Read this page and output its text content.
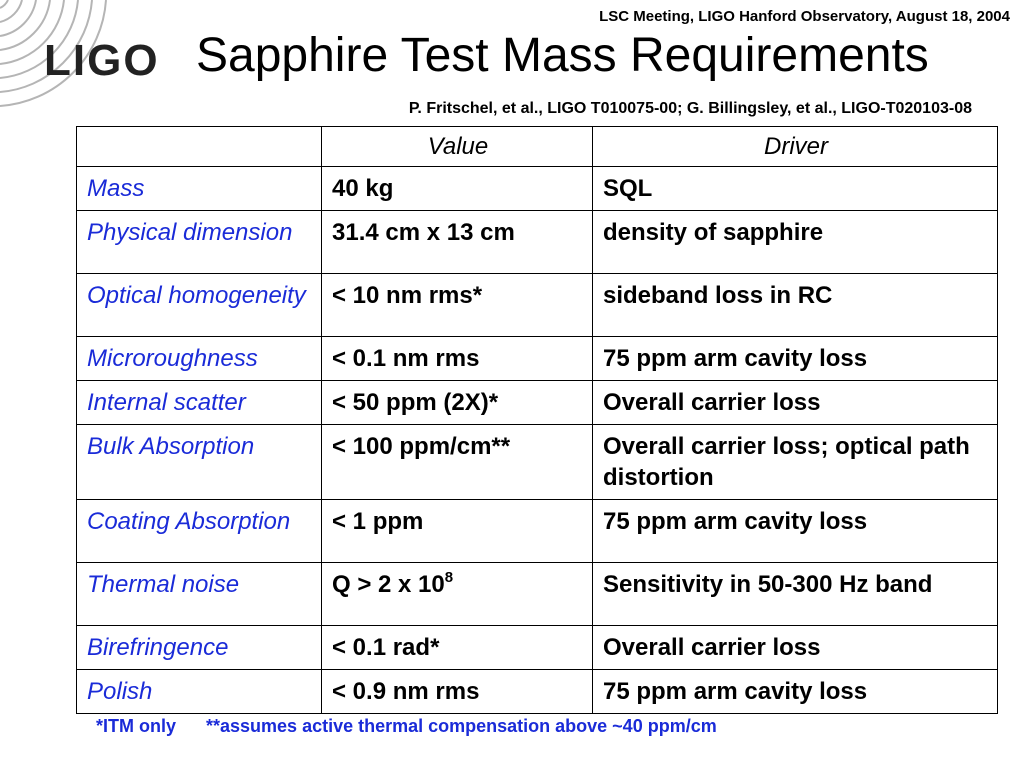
LSC Meeting, LIGO Hanford Observatory, August 18, 2004
LIGO Sapphire Test Mass Requirements
P. Fritschel, et al., LIGO T010075-00; G. Billingsley, et al., LIGO-T020103-08
	Value	Driver
Mass	40 kg	SQL
Physical dimension	31.4 cm x 13 cm	density of sapphire
Optical homogeneity	< 10 nm rms*	sideband loss in RC
Microroughness	< 0.1 nm rms	75 ppm arm cavity loss
Internal scatter	< 50 ppm (2X)*	Overall carrier loss
Bulk Absorption	< 100 ppm/cm**	Overall carrier loss; optical path distortion
Coating Absorption	< 1 ppm	75 ppm arm cavity loss
Thermal noise	Q > 2 x $10^8$	Sensitivity in 50-300 Hz band
Birefringence	< 0.1 rad*	Overall carrier loss
Polish	< 0.9 nm rms	75 ppm arm cavity loss
*ITM only **assumes active thermal compensation above ~40 ppm/cm
